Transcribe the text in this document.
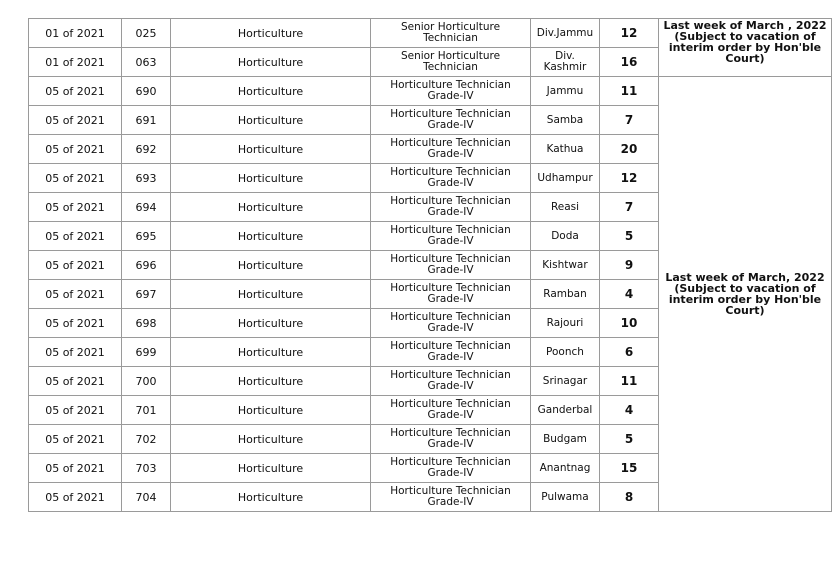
01 of 2021	025	Horticulture	Senior Horticulture Technician	Div.Jammu	12	Last week of March , 2022 (Subject to vacation of interim order by Hon'ble Court)
01 of 2021	063	Horticulture	Senior Horticulture Technician	Div. Kashmir	16	
05 of 2021	690	Horticulture	Horticulture Technician Grade-IV	Jammu	11	Last week of March, 2022 (Subject to vacation of interim order by Hon'ble Court)
05 of 2021	691	Horticulture	Horticulture Technician Grade-IV	Samba	7	
05 of 2021	692	Horticulture	Horticulture Technician Grade-IV	Kathua	20	
05 of 2021	693	Horticulture	Horticulture Technician Grade-IV	Udhampur	12	
05 of 2021	694	Horticulture	Horticulture Technician Grade-IV	Reasi	7	
05 of 2021	695	Horticulture	Horticulture Technician Grade-IV	Doda	5	
05 of 2021	696	Horticulture	Horticulture Technician Grade-IV	Kishtwar	9	
05 of 2021	697	Horticulture	Horticulture Technician Grade-IV	Ramban	4	
05 of 2021	698	Horticulture	Horticulture Technician Grade-IV	Rajouri	10	
05 of 2021	699	Horticulture	Horticulture Technician Grade-IV	Poonch	6	
05 of 2021	700	Horticulture	Horticulture Technician Grade-IV	Srinagar	11	
05 of 2021	701	Horticulture	Horticulture Technician Grade-IV	Ganderbal	4	
05 of 2021	702	Horticulture	Horticulture Technician Grade-IV	Budgam	5	
05 of 2021	703	Horticulture	Horticulture Technician Grade-IV	Anantnag	15	
05 of 2021	704	Horticulture	Horticulture Technician Grade-IV	Pulwama	8	
